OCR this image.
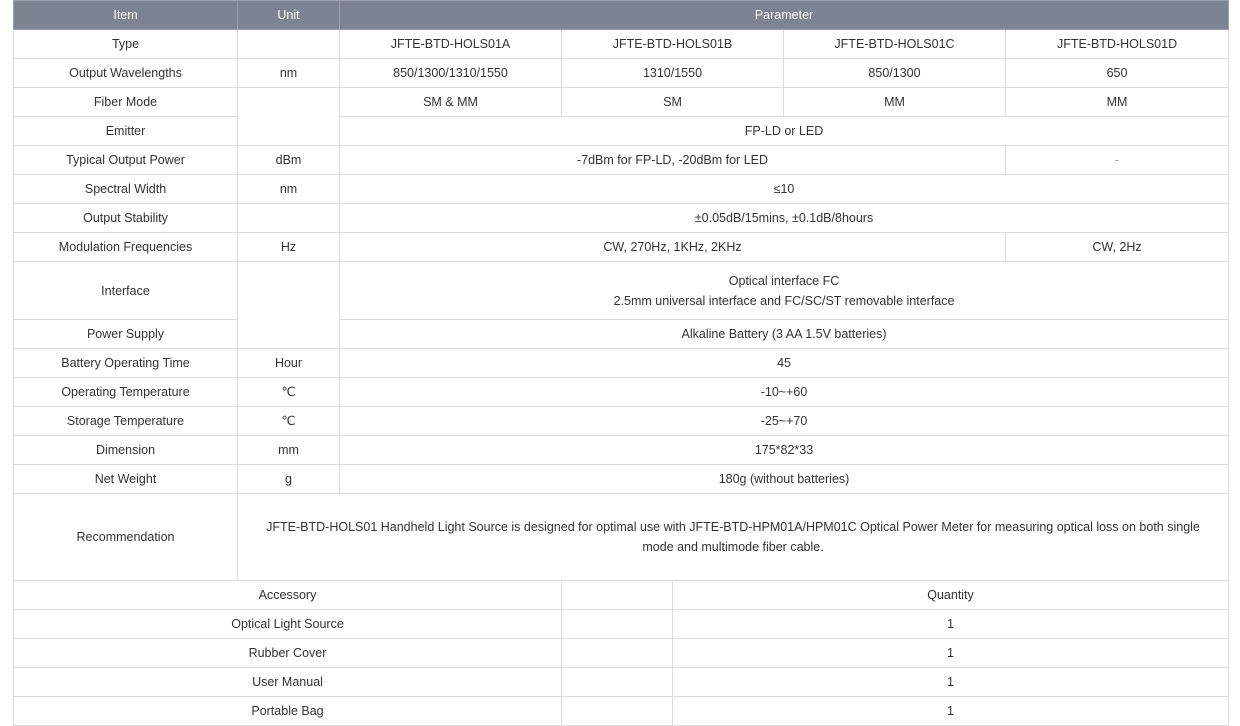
Item	Unit	Parameter				
Type		JFTE-BTD-HOLS01A	JFTE-BTD-HOLS01B		JFTE-BTD-HOLS01C	JFTE-BTD-HOLS01D
Output Wavelengths	nm	850/1300/1310/1550	1310/1550		850/1300	650
Fiber Mode		SM & MM	SM		MM	MM
Emitter		FP-LD or LED				
Typical Output Power	dBm	-7dBm for FP-LD, -20dBm for LED				-
Spectral Width	nm	≤10				
Output Stability		±0.05dB/15mins, ±0.1dB/8hours				
Modulation Frequencies	Hz	CW, 270Hz, 1KHz, 2KHz				CW, 2Hz
Interface		Optical interface FC
2.5mm universal interface and FC/SC/ST removable interface				

Power Supply		Alkaline Battery (3 AA 1.5V batteries)				
Battery Operating Time	Hour	45				
Operating Temperature	℃	-10~+60				
Storage Temperature	℃	-25~+70				
Dimension	mm	175*82*33				
Net Weight	g	180g (without batteries)				
Recommendation	JFTE-BTD-HOLS01 Handheld Light Source is designed for optimal use with JFTE-BTD-HPM01A/HPM01C Optical Power Meter for measuring optical loss on both single mode and multimode fiber cable.					
Accessory				Quantity		
Optical Light Source				1		
Rubber Cover				1		
User Manual				1		
Portable Bag				1		
